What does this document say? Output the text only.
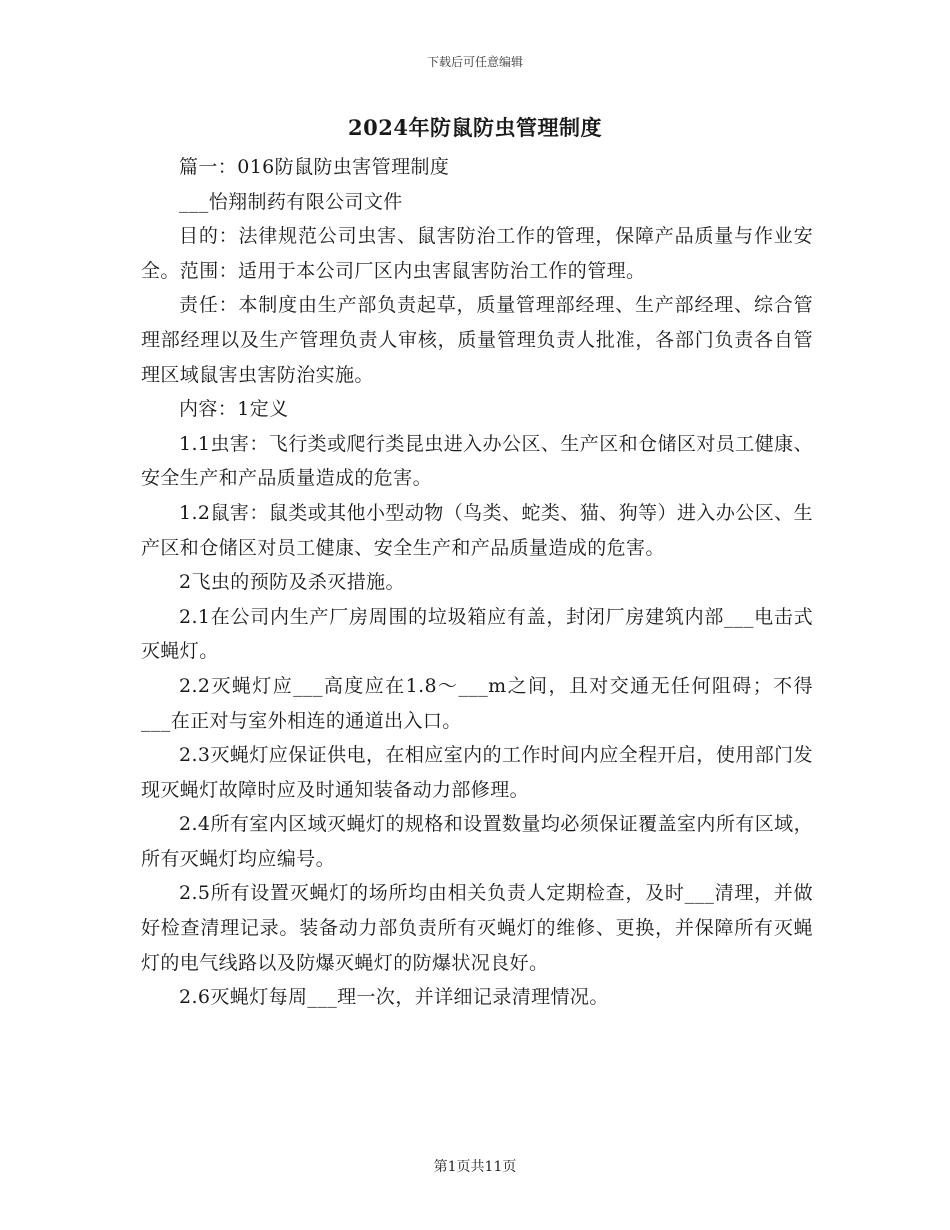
下载后可任意编辑
2024年防鼠防虫管理制度

篇一：016防鼠防虫害管理制度

___怡翔制药有限公司文件

目的：法律规范公司虫害、鼠害防治工作的管理，保障产品质量与作业安全。范围：适用于本公司厂区内虫害鼠害防治工作的管理。

责任：本制度由生产部负责起草，质量管理部经理、生产部经理、综合管理部经理以及生产管理负责人审核，质量管理负责人批准，各部门负责各自管理区域鼠害虫害防治实施。

内容：1定义

1.1虫害：飞行类或爬行类昆虫进入办公区、生产区和仓储区对员工健康、安全生产和产品质量造成的危害。

1.2鼠害：鼠类或其他小型动物（鸟类、蛇类、猫、狗等）进入办公区、生产区和仓储区对员工健康、安全生产和产品质量造成的危害。

2飞虫的预防及杀灭措施。

2.1在公司内生产厂房周围的垃圾箱应有盖，封闭厂房建筑内部___电击式灭蝇灯。

2.2灭蝇灯应___高度应在1.8～___m之间，且对交通无任何阻碍；不得___在正对与室外相连的通道出入口。

2.3灭蝇灯应保证供电，在相应室内的工作时间内应全程开启，使用部门发现灭蝇灯故障时应及时通知装备动力部修理。

2.4所有室内区域灭蝇灯的规格和设置数量均必须保证覆盖室内所有区域，所有灭蝇灯均应编号。

2.5所有设置灭蝇灯的场所均由相关负责人定期检查，及时___清理，并做好检查清理记录。装备动力部负责所有灭蝇灯的维修、更换，并保障所有灭蝇灯的电气线路以及防爆灭蝇灯的防爆状况良好。

2.6灭蝇灯每周___理一次，并详细记录清理情况。

第1页共11页
